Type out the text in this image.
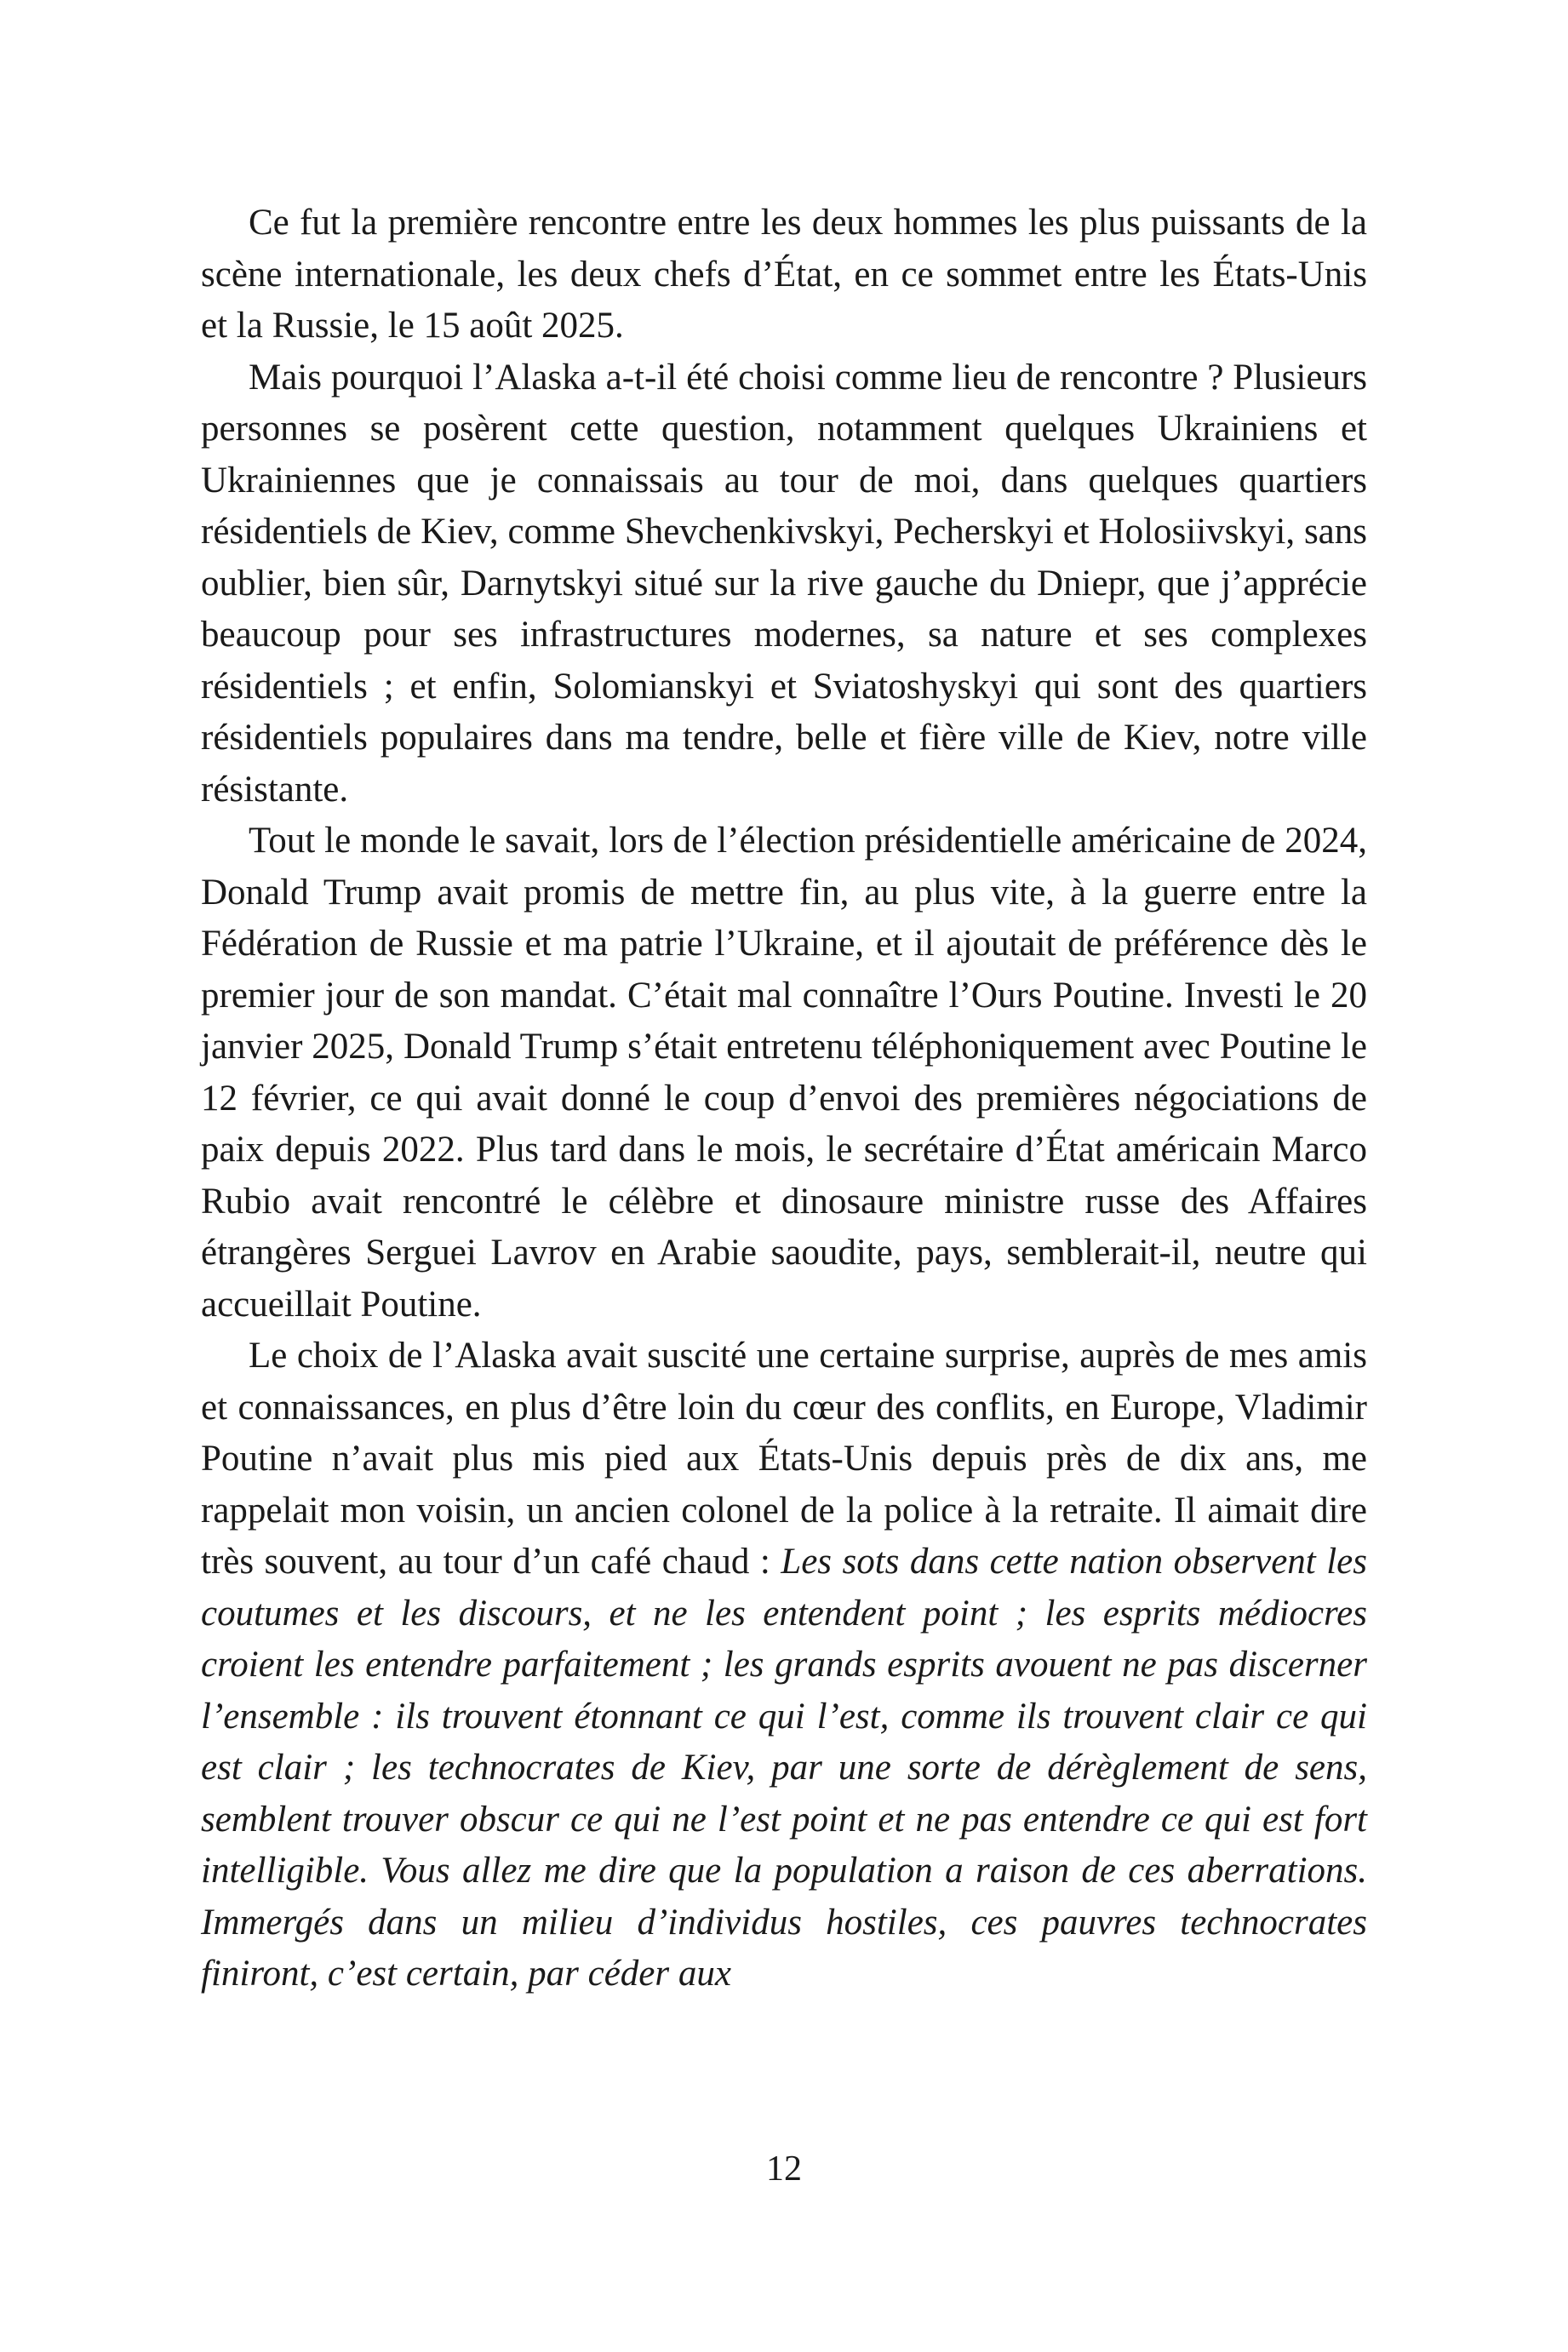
Ce fut la première rencontre entre les deux hommes les plus puissants de la scène internationale, les deux chefs d’État, en ce sommet entre les États-Unis et la Russie, le 15 août 2025.

Mais pourquoi l’Alaska a-t-il été choisi comme lieu de rencontre ? Plusieurs personnes se posèrent cette question, notamment quelques Ukrainiens et Ukrainiennes que je connaissais au tour de moi, dans quelques quartiers résidentiels de Kiev, comme Shevchenkivskyi, Pecherskyi et Holosiivskyi, sans oublier, bien sûr, Darnytskyi situé sur la rive gauche du Dniepr, que j’apprécie beaucoup pour ses infrastructures modernes, sa nature et ses complexes résidentiels ; et enfin, Solomianskyi et Sviatoshyskyi qui sont des quartiers résidentiels populaires dans ma tendre, belle et fière ville de Kiev, notre ville résistante.

Tout le monde le savait, lors de l’élection présidentielle américaine de 2024, Donald Trump avait promis de mettre fin, au plus vite, à la guerre entre la Fédération de Russie et ma patrie l’Ukraine, et il ajoutait de préférence dès le premier jour de son mandat. C’était mal connaître l’Ours Poutine. Investi le 20 janvier 2025, Donald Trump s’était entretenu téléphoniquement avec Poutine le 12 février, ce qui avait donné le coup d’envoi des premières négociations de paix depuis 2022. Plus tard dans le mois, le secrétaire d’État américain Marco Rubio avait rencontré le célèbre et dinosaure ministre russe des Affaires étrangères Serguei Lavrov en Arabie saoudite, pays, semblerait-il, neutre qui accueillait Poutine.

Le choix de l’Alaska avait suscité une certaine surprise, auprès de mes amis et connaissances, en plus d’être loin du cœur des conflits, en Europe, Vladimir Poutine n’avait plus mis pied aux États-Unis depuis près de dix ans, me rappelait mon voisin, un ancien colonel de la police à la retraite. Il aimait dire très souvent, au tour d’un café chaud : Les sots dans cette nation observent les coutumes et les discours, et ne les entendent point ; les esprits médiocres croient les entendre parfaitement ; les grands esprits avouent ne pas discerner l’ensemble : ils trouvent étonnant ce qui l’est, comme ils trouvent clair ce qui est clair ; les technocrates de Kiev, par une sorte de dérèglement de sens, semblent trouver obscur ce qui ne l’est point et ne pas entendre ce qui est fort intelligible. Vous allez me dire que la population a raison de ces aberrations. Immergés dans un milieu d’individus hostiles, ces pauvres technocrates finiront, c’est certain, par céder aux

12
